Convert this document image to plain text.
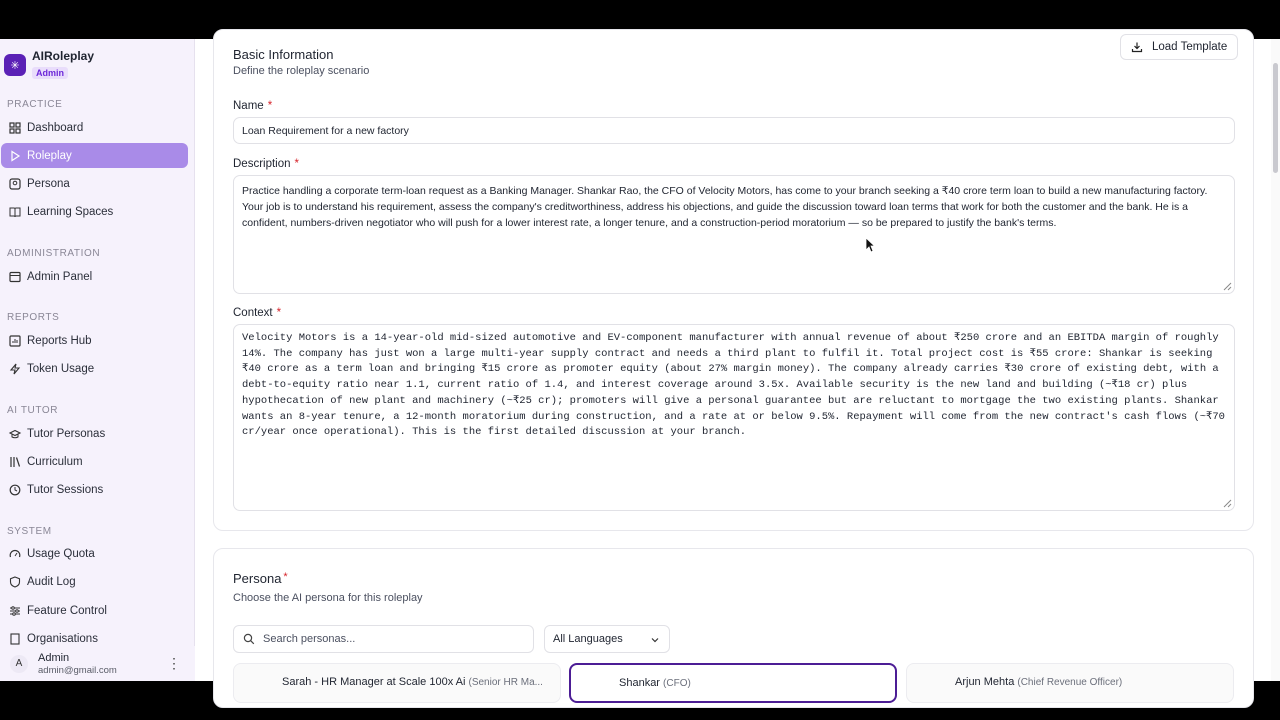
✳
AIRoleplay
Admin
PRACTICE
Dashboard
Roleplay
Persona
Learning Spaces
ADMINISTRATION
Admin Panel
REPORTS
Reports Hub
Token Usage
AI TUTOR
Tutor Personas
Curriculum
Tutor Sessions
SYSTEM
Usage Quota
Audit Log
Feature Control
Organisations
A	Admin
admin@gmail.com	⋮
Basic Information
Define the roleplay scenario
Load Template
Name *
Loan Requirement for a new factory
Description *
Practice handling a corporate term-loan request as a Banking Manager. Shankar Rao, the CFO of Velocity Motors, has come to your branch seeking a ₹40 crore term loan to build a new manufacturing factory. Your job is to understand his requirement, assess the company's creditworthiness, address his objections, and guide the discussion toward loan terms that work for both the customer and the bank. He is a confident, numbers-driven negotiator who will push for a lower interest rate, a longer tenure, and a construction-period moratorium — so be prepared to justify the bank's terms.
Context *
Velocity Motors is a 14-year-old mid-sized automotive and EV-component manufacturer with annual revenue of about ₹250 crore and an EBITDA margin of roughly 14%. The company has just won a large multi-year supply contract and needs a third plant to fulfil it. Total project cost is ₹55 crore: Shankar is seeking ₹40 crore as a term loan and bringing ₹15 crore as promoter equity (about 27% margin money). The company already carries ₹30 crore of existing debt, with a debt-to-equity ratio near 1.1, current ratio of 1.4, and interest coverage around 3.5x. Available security is the new land and building (~₹18 cr) plus hypothecation of new plant and machinery (~₹25 cr); promoters will give a personal guarantee but are reluctant to mortgage the two existing plants. Shankar wants an 8-year tenure, a 12-month moratorium during construction, and a rate at or below 9.5%. Repayment will come from the new contract's cash flows (~₹70 cr/year once operational). This is the first detailed discussion at your branch.
Persona *
Choose the AI persona for this roleplay
Search personas...	All Languages
Sarah - HR Manager at Scale 100x Ai (Senior HR Ma...	Shankar (CFO)	Arjun Mehta (Chief Revenue Officer)
